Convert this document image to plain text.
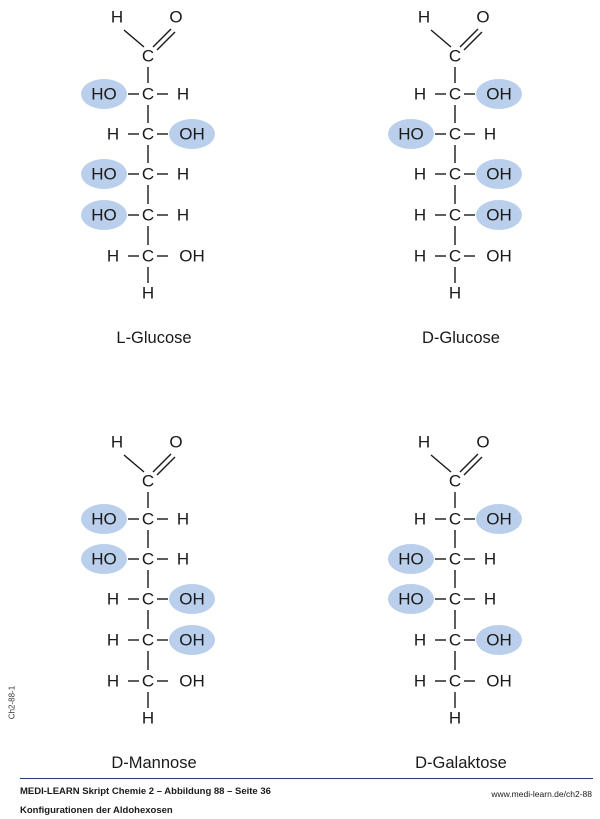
H	O
C
C
HO	H
C OH
H
C
HO	H
C
HO	H
C
H	OH
H
L-Glucose
H	O
C
C OH
H
C
HO	H
C OH
H
C OH
H
C
H	OH
H
D-Glucose
H	O
C
C
HO	H
C
HO	H
C OH
H
C OH
H
C
H	OH
H
D-Mannose
H	O
C
C OH
H
C
HO	H
C
HO	H
C OH
H
C
H	OH
H
D-Galaktose
Ch2-88-1
MEDI-LEARN Skript Chemie 2 – Abbildung 88 – Seite 36
Konfigurationen der Aldohexosen
www.medi-learn.de/ch2-88
